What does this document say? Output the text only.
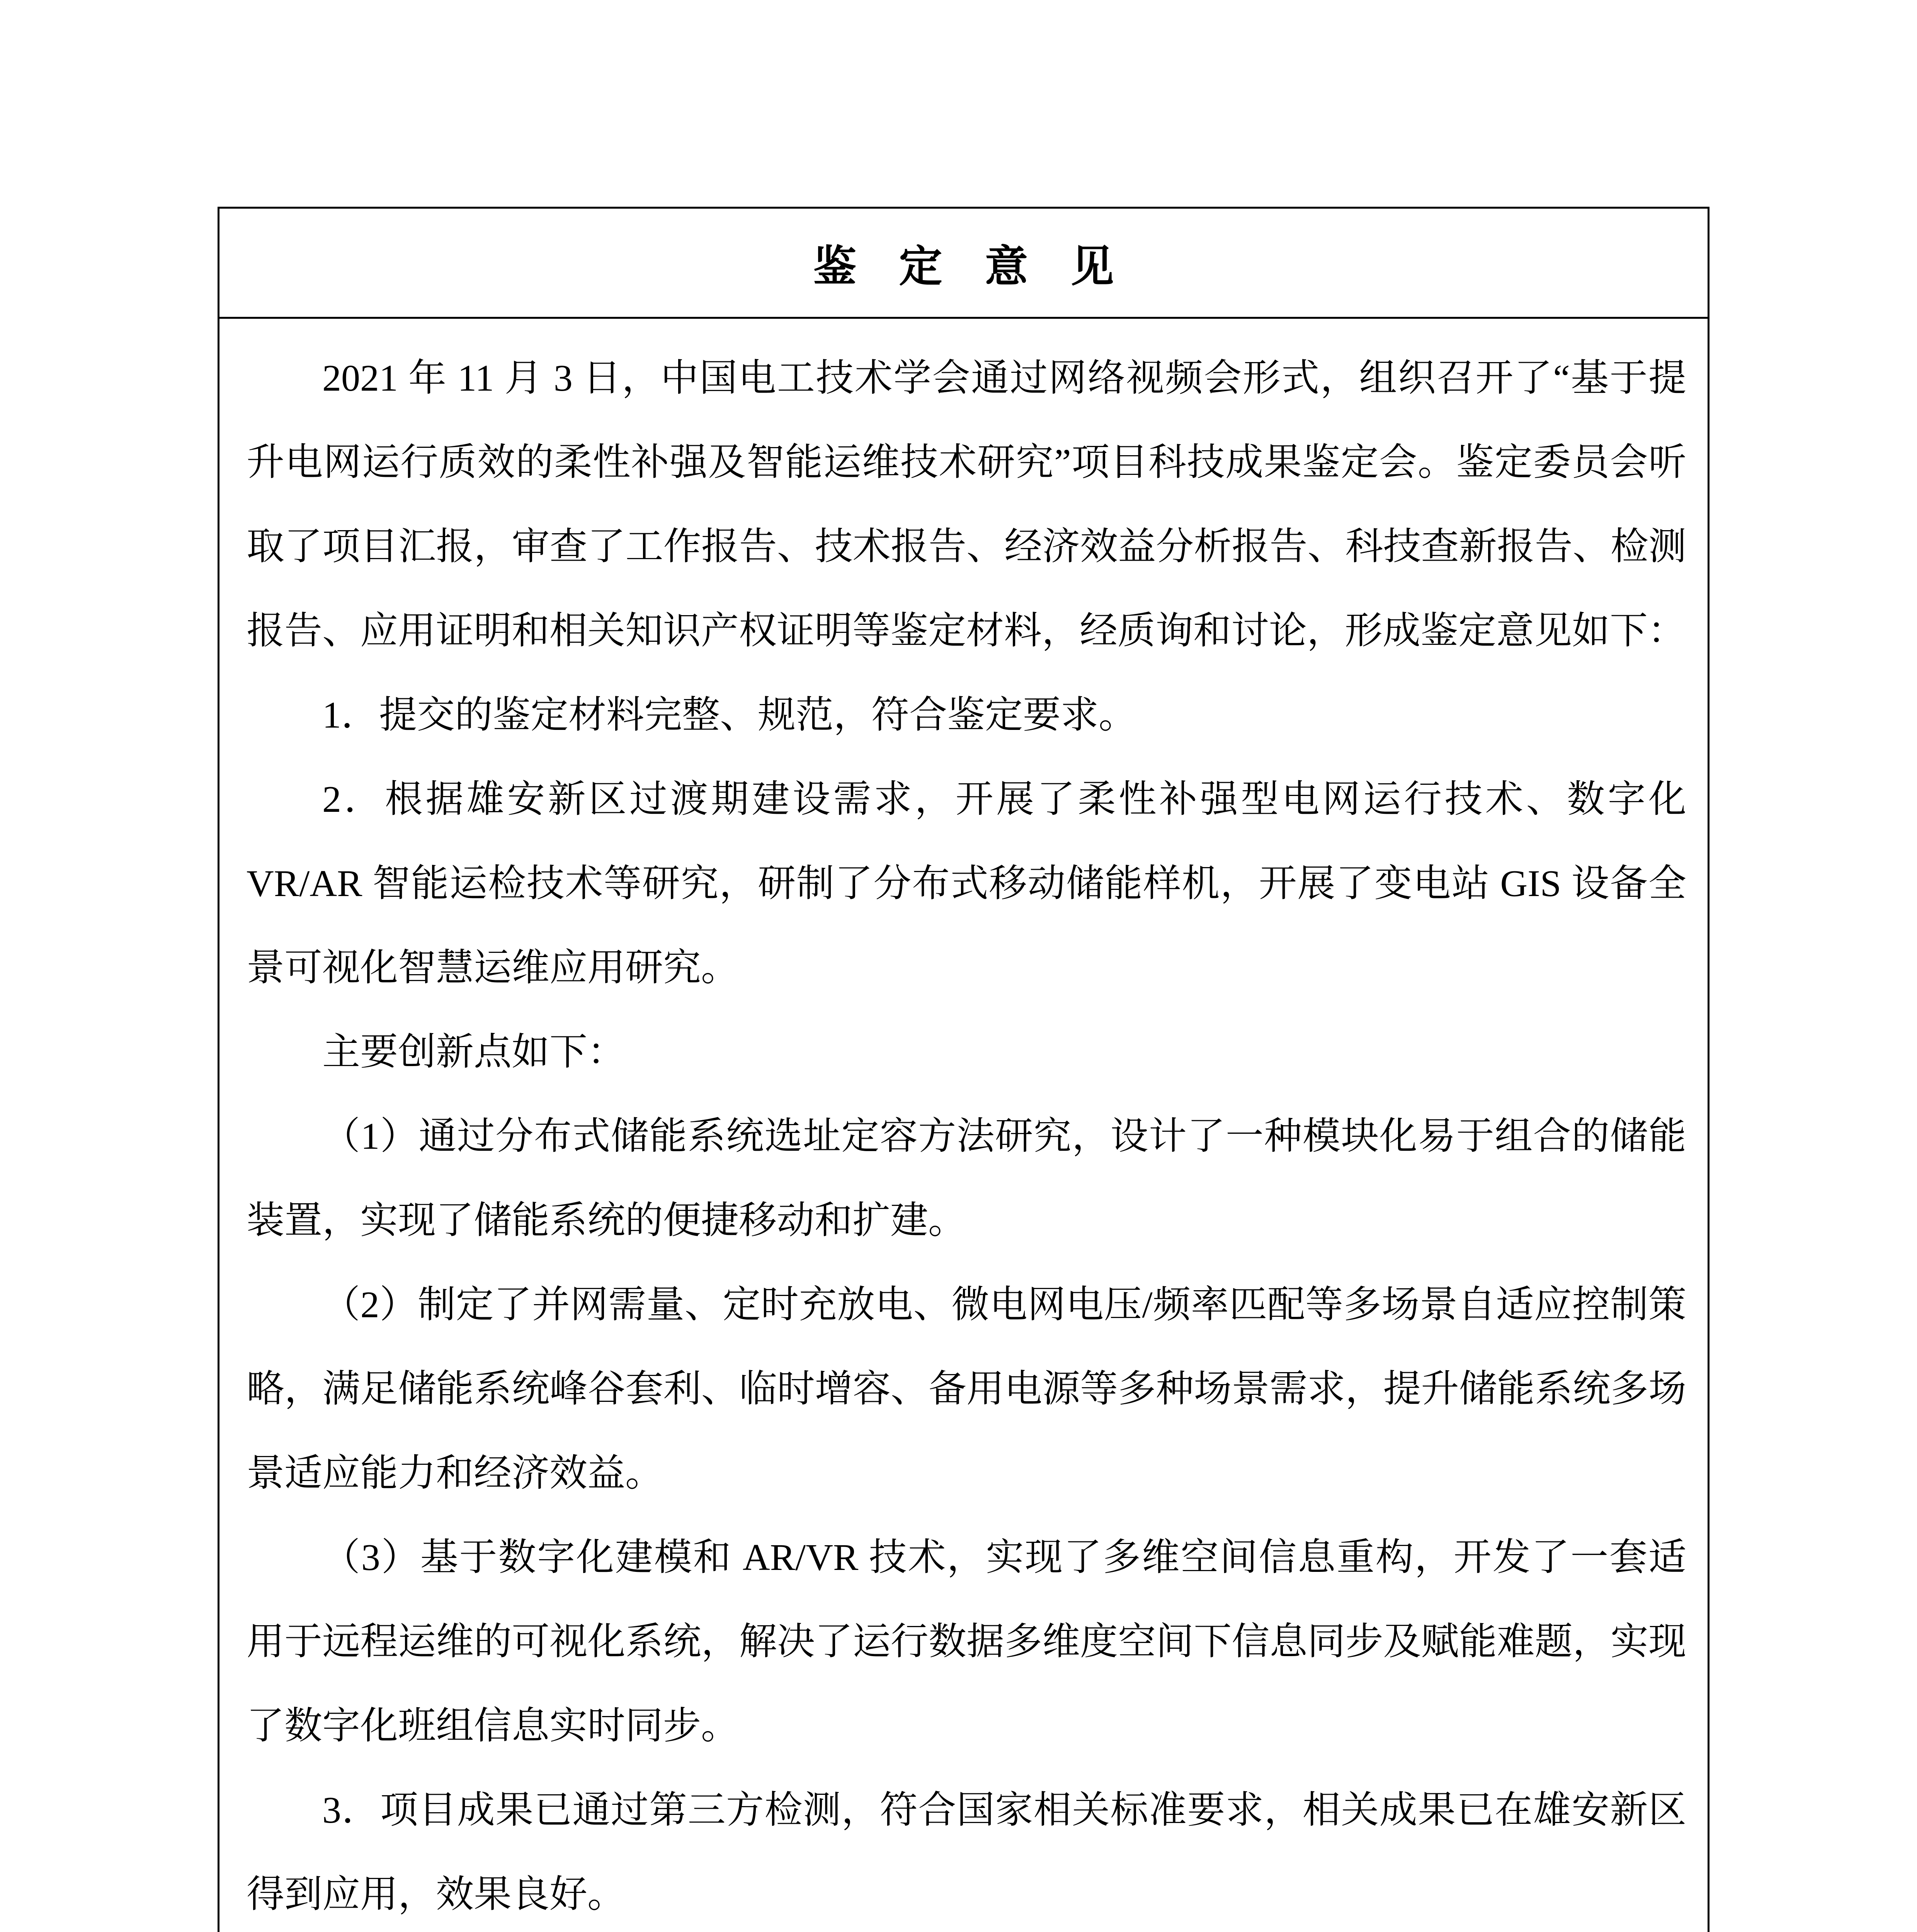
鉴定意见

2021 年 11 月 3 日，中国电工技术学会通过网络视频会形式，组织召开了“基于提升电网运行质效的柔性补强及智能运维技术研究”项目科技成果鉴定会。鉴定委员会听取了项目汇报，审查了工作报告、技术报告、经济效益分析报告、科技查新报告、检测报告、应用证明和相关知识产权证明等鉴定材料，经质询和讨论，形成鉴定意见如下：

1．提交的鉴定材料完整、规范，符合鉴定要求。

2．根据雄安新区过渡期建设需求，开展了柔性补强型电网运行技术、数字化 VR/AR 智能运检技术等研究，研制了分布式移动储能样机，开展了变电站 GIS 设备全景可视化智慧运维应用研究。

主要创新点如下：

（1）通过分布式储能系统选址定容方法研究，设计了一种模块化易于组合的储能装置，实现了储能系统的便捷移动和扩建。

（2）制定了并网需量、定时充放电、微电网电压/频率匹配等多场景自适应控制策略，满足储能系统峰谷套利、临时增容、备用电源等多种场景需求，提升储能系统多场景适应能力和经济效益。

（3）基于数字化建模和 AR/VR 技术，实现了多维空间信息重构，开发了一套适用于远程运维的可视化系统，解决了运行数据多维度空间下信息同步及赋能难题，实现了数字化班组信息实时同步。

3．项目成果已通过第三方检测，符合国家相关标准要求，相关成果已在雄安新区得到应用，效果良好。
